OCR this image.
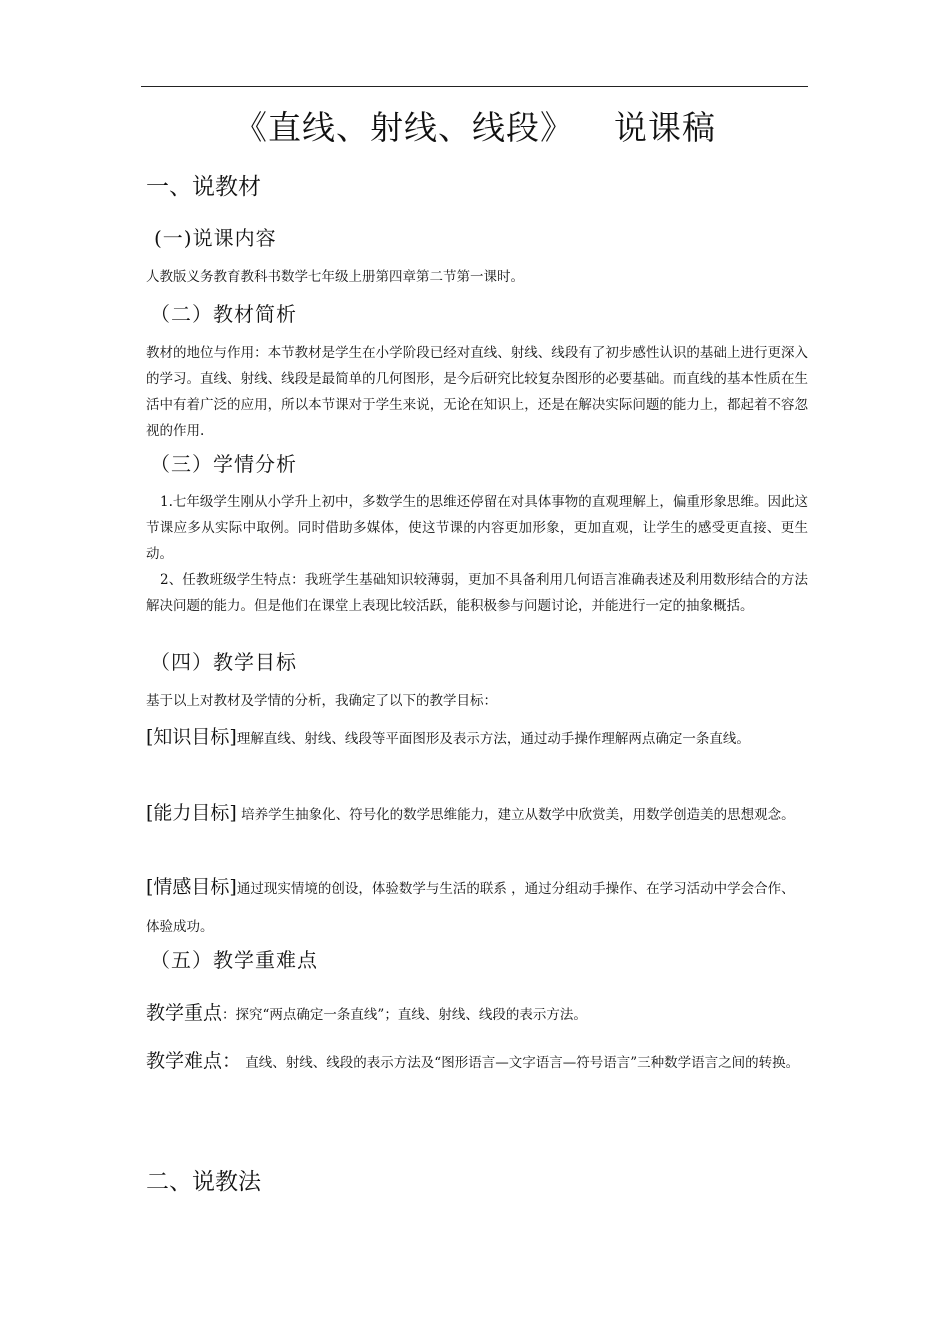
《直线、射线、线段》 说课稿
一、说教材
(一)说课内容
人教版义务教育教科书数学七年级上册第四章第二节第一课时。
（二）教材简析
教材的地位与作用：本节教材是学生在小学阶段已经对直线、射线、线段有了初步感性认识的基础上进行更深入的学习。直线、射线、线段是最简单的几何图形，是今后研究比较复杂图形的必要基础。而直线的基本性质在生活中有着广泛的应用，所以本节课对于学生来说，无论在知识上，还是在解决实际问题的能力上，都起着不容忽视的作用.
（三）学情分析

1.七年级学生刚从小学升上初中，多数学生的思维还停留在对具体事物的直观理解上，偏重形象思维。因此这节课应多从实际中取例。同时借助多媒体，使这节课的内容更加形象，更加直观，让学生的感受更直接、更生动。

2、任教班级学生特点：我班学生基础知识较薄弱，更加不具备利用几何语言准确表述及利用数形结合的方法解决问题的能力。但是他们在课堂上表现比较活跃，能积极参与问题讨论，并能进行一定的抽象概括。

（四）教学目标
基于以上对教材及学情的分析，我确定了以下的教学目标：

[知识目标]理解直线、射线、线段等平面图形及表示方法，通过动手操作理解两点确定一条直线。

[能力目标] 培养学生抽象化、符号化的数学思维能力，建立从数学中欣赏美，用数学创造美的思想观念。

[情感目标]通过现实情境的创设，体验数学与生活的联系 ，通过分组动手操作、在学习活动中学会合作、体验成功。

（五）教学重难点

教学重点：探究“两点确定一条直线”；直线、射线、线段的表示方法。

教学难点： 直线、射线、线段的表示方法及“图形语言—文字语言—符号语言”三种数学语言之间的转换。

二、说教法
